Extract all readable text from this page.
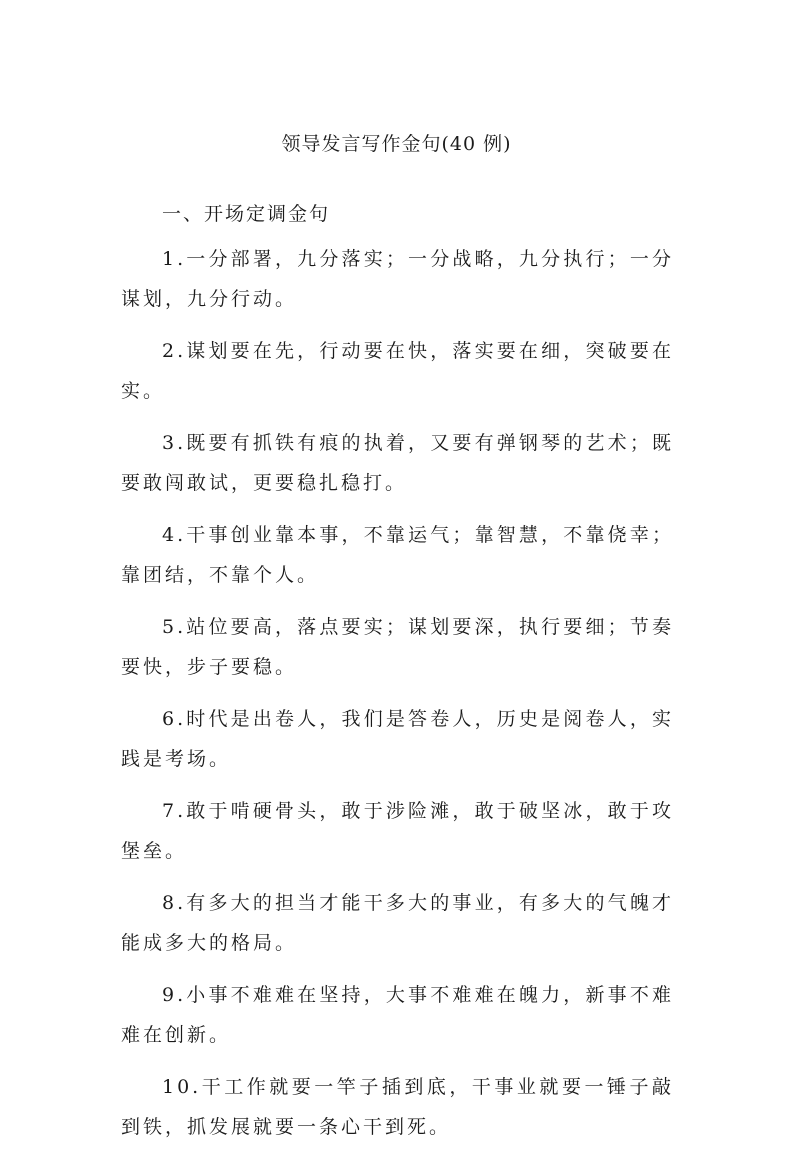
领导发言写作金句(40 例)
一、开场定调金句

1.一分部署，九分落实；一分战略，九分执行；一分谋划，九分行动。

2.谋划要在先，行动要在快，落实要在细，突破要在实。

3.既要有抓铁有痕的执着，又要有弹钢琴的艺术；既要敢闯敢试，更要稳扎稳打。

4.干事创业靠本事，不靠运气；靠智慧，不靠侥幸；靠团结，不靠个人。

5.站位要高，落点要实；谋划要深，执行要细；节奏要快，步子要稳。

6.时代是出卷人，我们是答卷人，历史是阅卷人，实践是考场。

7.敢于啃硬骨头，敢于涉险滩，敢于破坚冰，敢于攻堡垒。

8.有多大的担当才能干多大的事业，有多大的气魄才能成多大的格局。

9.小事不难难在坚持，大事不难难在魄力，新事不难难在创新。

10.干工作就要一竿子插到底，干事业就要一锤子敲到铁，抓发展就要一条心干到死。
